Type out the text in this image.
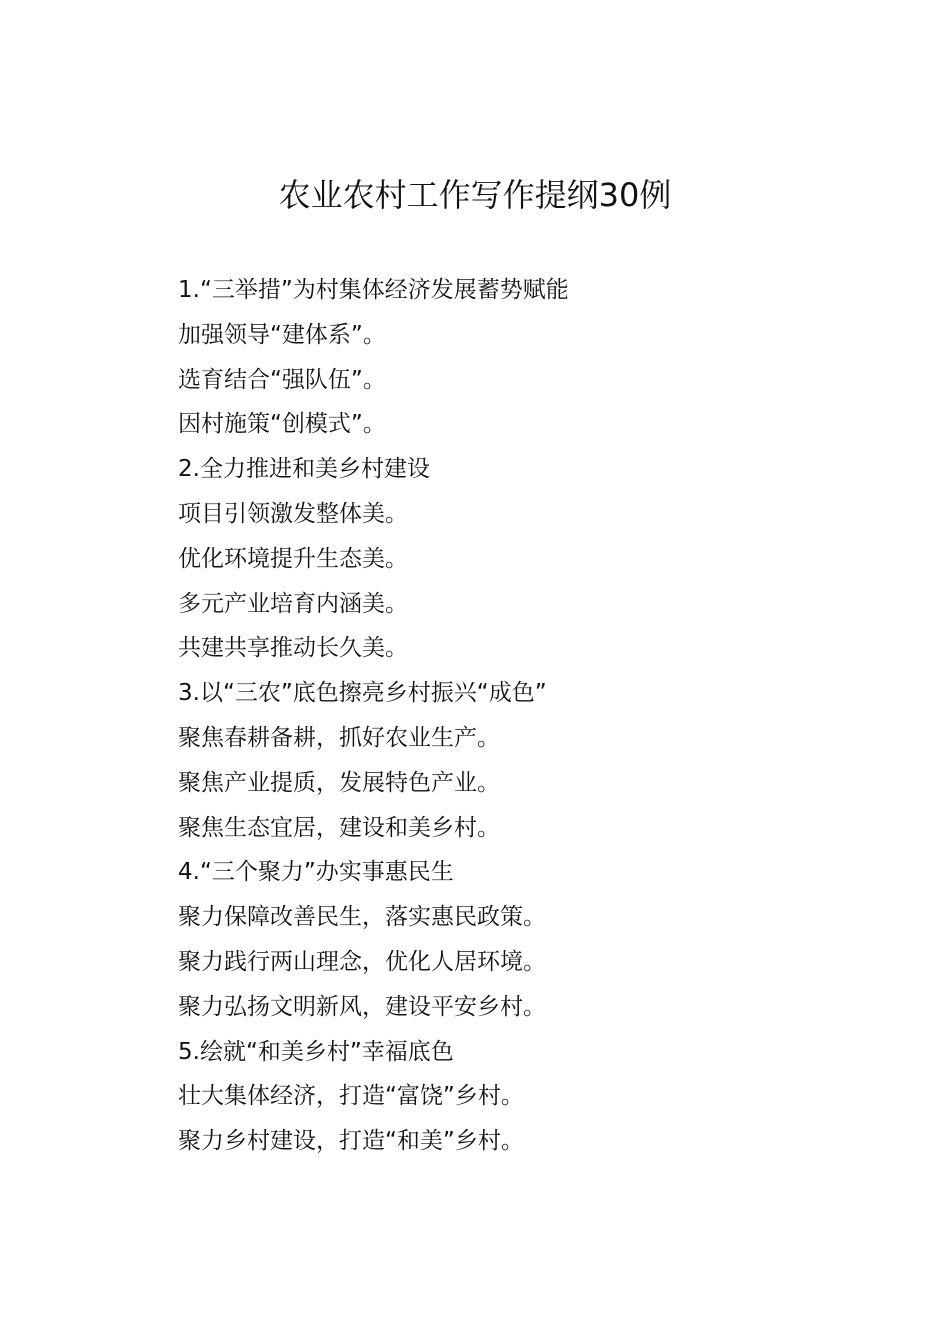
农业农村工作写作提纲30例
1.“三举措”为村集体经济发展蓄势赋能
加强领导“建体系”。
选育结合“强队伍”。
因村施策“创模式”。
2.全力推进和美乡村建设
项目引领激发整体美。
优化环境提升生态美。
多元产业培育内涵美。
共建共享推动长久美。
3.以“三农”底色擦亮乡村振兴“成色”
聚焦春耕备耕，抓好农业生产。
聚焦产业提质，发展特色产业。
聚焦生态宜居，建设和美乡村。
4.“三个聚力”办实事惠民生
聚力保障改善民生，落实惠民政策。
聚力践行两山理念，优化人居环境。
聚力弘扬文明新风，建设平安乡村。
5.绘就“和美乡村”幸福底色
壮大集体经济，打造“富饶”乡村。
聚力乡村建设，打造“和美”乡村。
